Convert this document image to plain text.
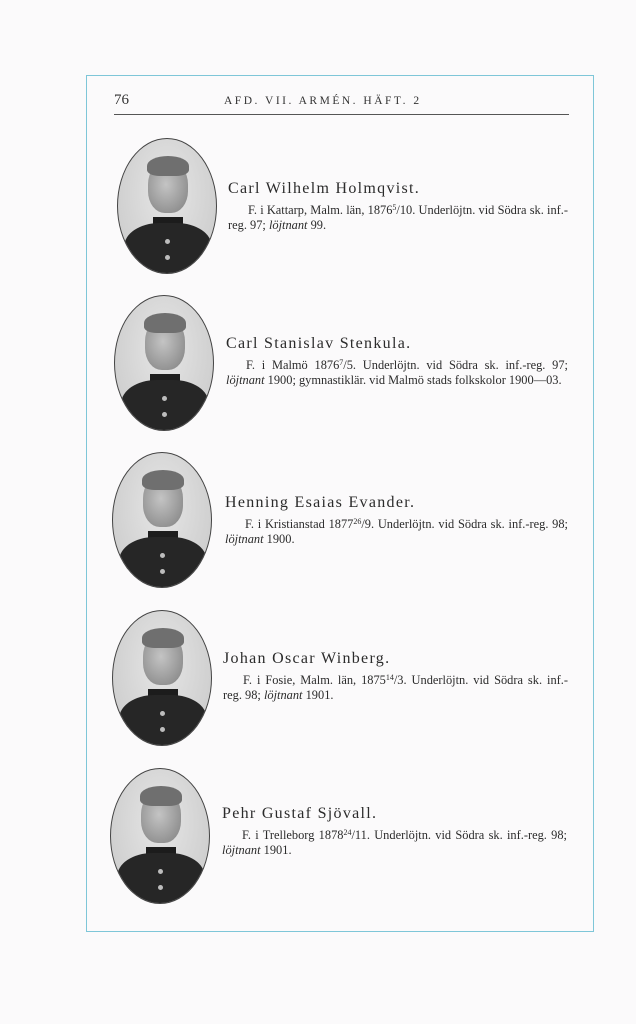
76	AFD. VII. ARMÉN. HÄFT. 2

Carl Wilhelm Holmqvist.

F. i Kattarp, Malm. län, 1876$^5$/10. Underlöjtn. vid Södra sk. inf.-reg. 97; löjtnant 99.

Carl Stanislav Stenkula.

F. i Malmö 1876$^7$/5. Underlöjtn. vid Södra sk. inf.-reg. 97; löjtnant 1900; gymnastiklär. vid Malmö stads folkskolor 1900—03.

Henning Esaias Evander.

F. i Kristianstad 1877$^{26}$/9. Underlöjtn. vid Södra sk. inf.-reg. 98; löjtnant 1900.

Johan Oscar Winberg.

F. i Fosie, Malm. län, 1875$^{14}$/3. Underlöjtn. vid Södra sk. inf.-reg. 98; löjtnant 1901.

Pehr Gustaf Sjövall.

F. i Trelleborg 1878$^{24}$/11. Underlöjtn. vid Södra sk. inf.-reg. 98; löjtnant 1901.
